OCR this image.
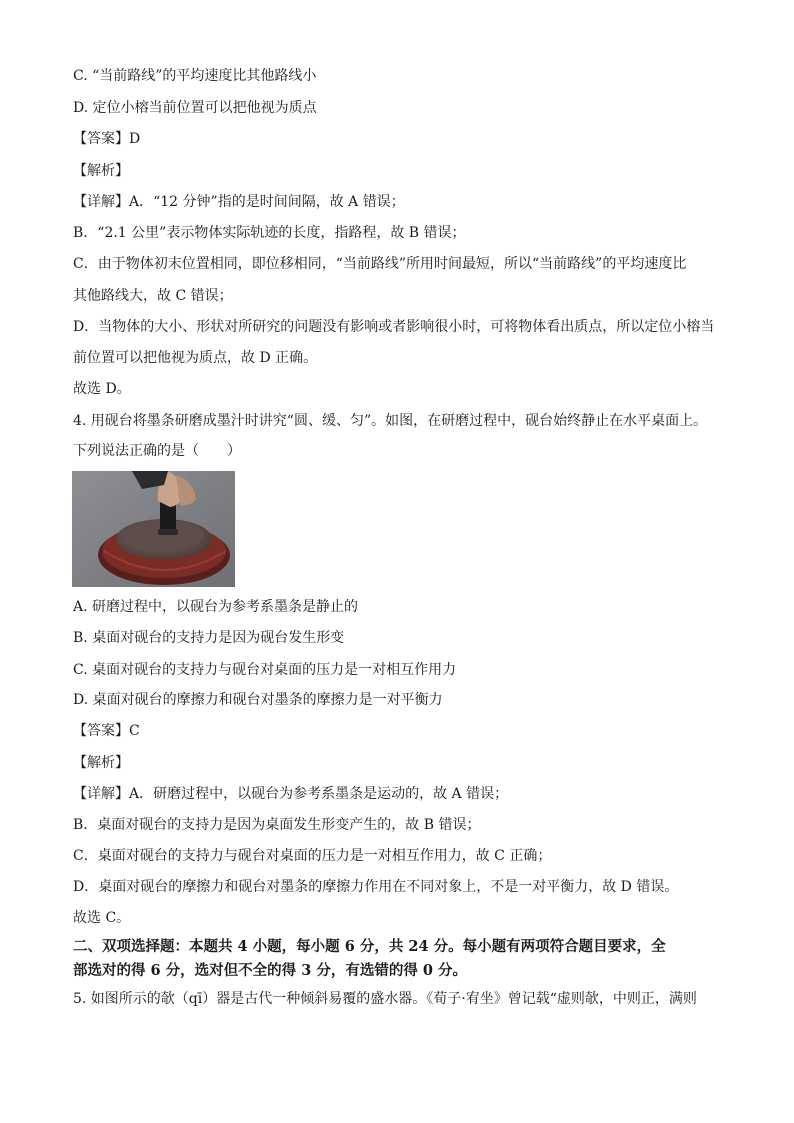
C. “当前路线”的平均速度比其他路线小
D. 定位小榕当前位置可以把他视为质点
【答案】D
【解析】
【详解】A．“12 分钟”指的是时间间隔，故 A 错误；
B．“2.1 公里”表示物体实际轨迹的长度，指路程，故 B 错误；
C．由于物体初末位置相同，即位移相同，“当前路线”所用时间最短，所以“当前路线”的平均速度比
其他路线大，故 C 错误；
D．当物体的大小、形状对所研究的问题没有影响或者影响很小时，可将物体看出质点，所以定位小榕当
前位置可以把他视为质点，故 D 正确。
故选 D。
4. 用砚台将墨条研磨成墨汁时讲究“圆、缓、匀”。如图，在研磨过程中，砚台始终静止在水平桌面上。
下列说法正确的是（　　）
A. 研磨过程中，以砚台为参考系墨条是静止的
B. 桌面对砚台的支持力是因为砚台发生形变
C. 桌面对砚台的支持力与砚台对桌面的压力是一对相互作用力
D. 桌面对砚台的摩擦力和砚台对墨条的摩擦力是一对平衡力
【答案】C
【解析】
【详解】A．研磨过程中，以砚台为参考系墨条是运动的，故 A 错误；
B．桌面对砚台的支持力是因为桌面发生形变产生的，故 B 错误；
C．桌面对砚台的支持力与砚台对桌面的压力是一对相互作用力，故 C 正确；
D．桌面对砚台的摩擦力和砚台对墨条的摩擦力作用在不同对象上，不是一对平衡力，故 D 错误。
故选 C。
二、双项选择题：本题共 4 小题，每小题 6 分，共 24 分。每小题有两项符合题目要求，全
部选对的得 6 分，选对但不全的得 3 分，有选错的得 0 分。
5. 如图所示的欹（qī）器是古代一种倾斜易覆的盛水器。《荀子·宥坐》曾记载“虚则欹，中则正，满则
